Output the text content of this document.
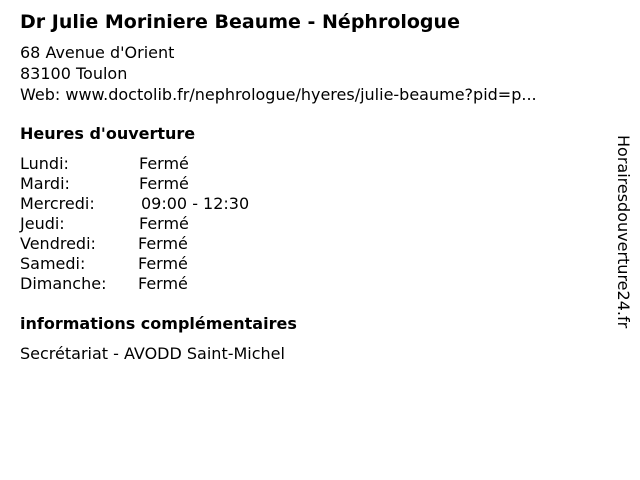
Dr Julie Moriniere Beaume - Néphrologue
68 Avenue d'Orient
83100 Toulon
Web: www.doctolib.fr/nephrologue/hyeres/julie-beaume?pid=p...
Heures d'ouverture
Lundi:	Fermé
Mardi:	Fermé
Mercredi:	09:00 - 12:30
Jeudi:	Fermé
Vendredi:	Fermé
Samedi:	Fermé
Dimanche: Fermé
informations complémentaires
Secrétariat - AVODD Saint-Michel
Horairesdouverture24.fr
